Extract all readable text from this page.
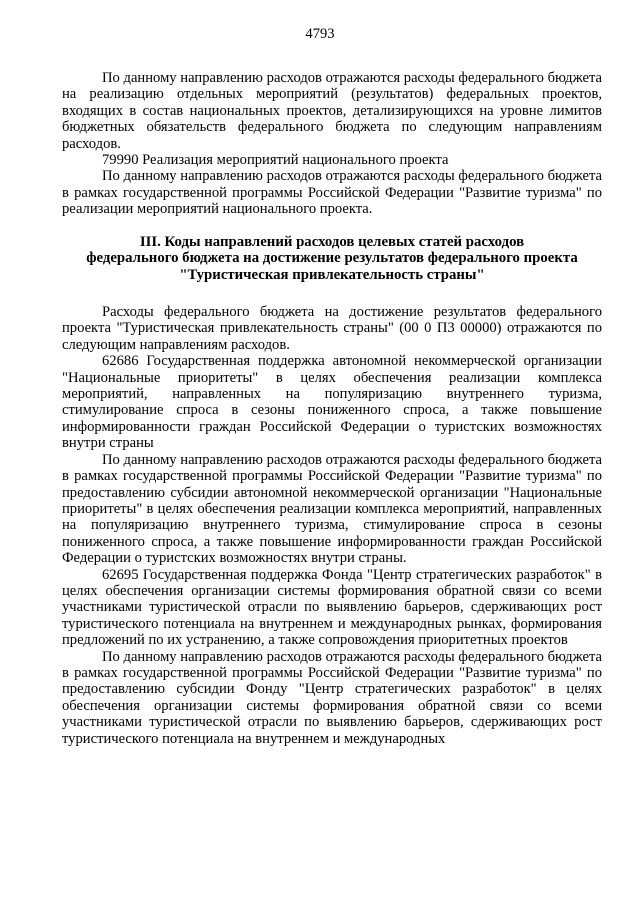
4793

По данному направлению расходов отражаются расходы федерального бюджета на реализацию отдельных мероприятий (результатов) федеральных проектов, входящих в состав национальных проектов, детализирующихся на уровне лимитов бюджетных обязательств федерального бюджета по следующим направлениям расходов.

79990 Реализация мероприятий национального проекта

По данному направлению расходов отражаются расходы федерального бюджета в рамках государственной программы Российской Федерации "Развитие туризма" по реализации мероприятий национального проекта.

III. Коды направлений расходов целевых статей расходов

федерального бюджета на достижение результатов федерального проекта

"Туристическая привлекательность страны"

Расходы федерального бюджета на достижение результатов федерального проекта "Туристическая привлекательность страны" (00 0 П3 00000) отражаются по следующим направлениям расходов.

62686 Государственная поддержка автономной некоммерческой организации "Национальные приоритеты" в целях обеспечения реализации комплекса мероприятий, направленных на популяризацию внутреннего туризма, стимулирование спроса в сезоны пониженного спроса, а также повышение информированности граждан Российской Федерации о туристских возможностях внутри страны

По данному направлению расходов отражаются расходы федерального бюджета в рамках государственной программы Российской Федерации "Развитие туризма" по предоставлению субсидии автономной некоммерческой организации "Национальные приоритеты" в целях обеспечения реализации комплекса мероприятий, направленных на популяризацию внутреннего туризма, стимулирование спроса в сезоны пониженного спроса, а также повышение информированности граждан Российской Федерации о туристских возможностях внутри страны.

62695 Государственная поддержка Фонда "Центр стратегических разработок" в целях обеспечения организации системы формирования обратной связи со всеми участниками туристической отрасли по выявлению барьеров, сдерживающих рост туристического потенциала на внутреннем и международных рынках, формирования предложений по их устранению, а также сопровождения приоритетных проектов

По данному направлению расходов отражаются расходы федерального бюджета в рамках государственной программы Российской Федерации "Развитие туризма" по предоставлению субсидии Фонду "Центр стратегических разработок" в целях обеспечения организации системы формирования обратной связи со всеми участниками туристической отрасли по выявлению барьеров, сдерживающих рост туристического потенциала на внутреннем и международных
